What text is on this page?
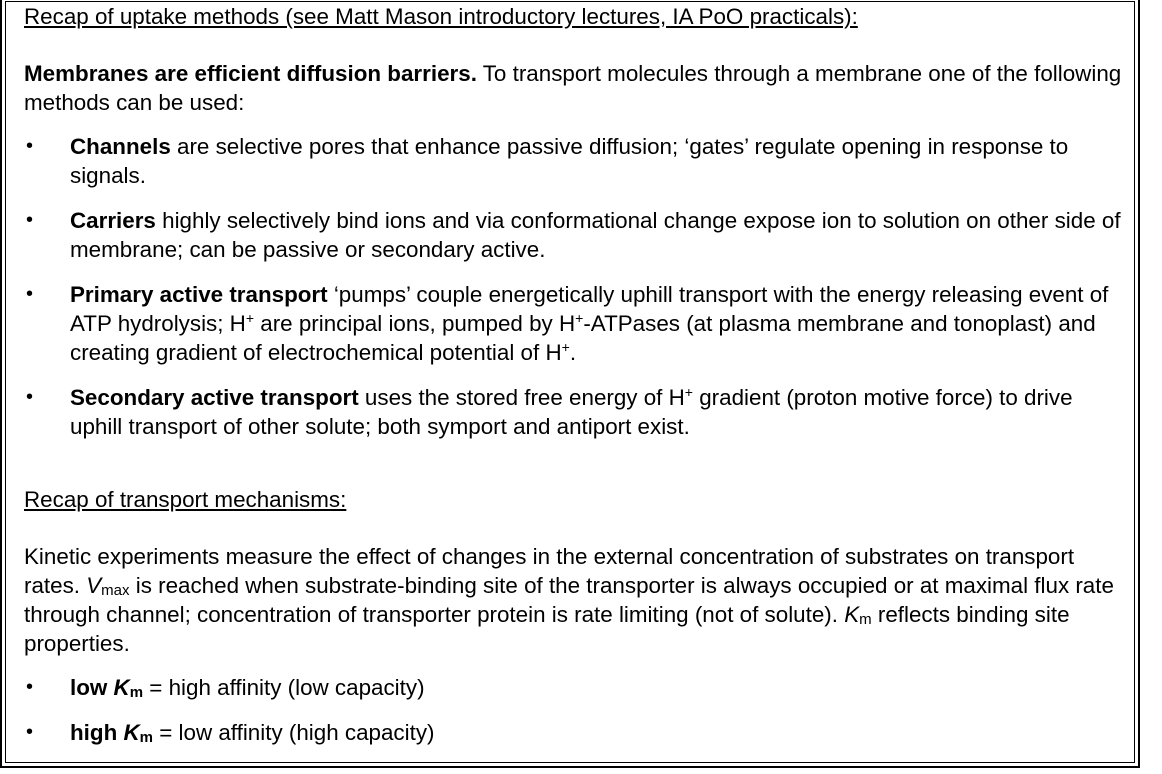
Recap of uptake methods (see Matt Mason introductory lectures, IA PoO practicals):

Membranes are efficient diffusion barriers. To transport molecules through a membrane one of the following methods can be used:

• Channels are selective pores that enhance passive diffusion; ‘gates’ regulate opening in response to signals.
• Carriers highly selectively bind ions and via conformational change expose ion to solution on other side of membrane; can be passive or secondary active.
• Primary active transport ‘pumps’ couple energetically uphill transport with the energy releasing event of ATP hydrolysis; H+ are principal ions, pumped by H+-ATPases (at plasma membrane and tonoplast) and creating gradient of electrochemical potential of H+.
• Secondary active transport uses the stored free energy of H+ gradient (proton motive force) to drive uphill transport of other solute; both symport and antiport exist.

Recap of transport mechanisms:

Kinetic experiments measure the effect of changes in the external concentration of substrates on transport rates. $V_{max}$ is reached when substrate-binding site of the transporter is always occupied or at maximal flux rate through channel; concentration of transporter protein is rate limiting (not of solute). $K_m$ reflects binding site properties.

• low $K_m$ = high affinity (low capacity)
• high $K_m$ = low affinity (high capacity)
